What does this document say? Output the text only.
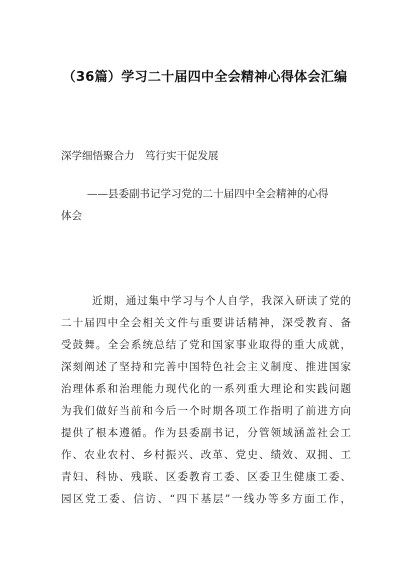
（36篇）学习二十届四中全会精神心得体会汇编
深学细悟聚合力　笃行实干促发展
——县委副书记学习党的二十届四中全会精神的心得
体会
近期，通过集中学习与个人自学，我深入研读了党的
二十届四中全会相关文件与重要讲话精神，深受教育、备
受鼓舞。全会系统总结了党和国家事业取得的重大成就，
深刻阐述了坚持和完善中国特色社会主义制度、推进国家
治理体系和治理能力现代化的一系列重大理论和实践问题
为我们做好当前和今后一个时期各项工作指明了前进方向
提供了根本遵循。作为县委副书记，分管领域涵盖社会工
作、农业农村、乡村振兴、改革、党史、绩效、双拥、工
青妇、科协、残联、区委教育工委、区委卫生健康工委、
园区党工委、信访、“四下基层”一线办等多方面工作，
